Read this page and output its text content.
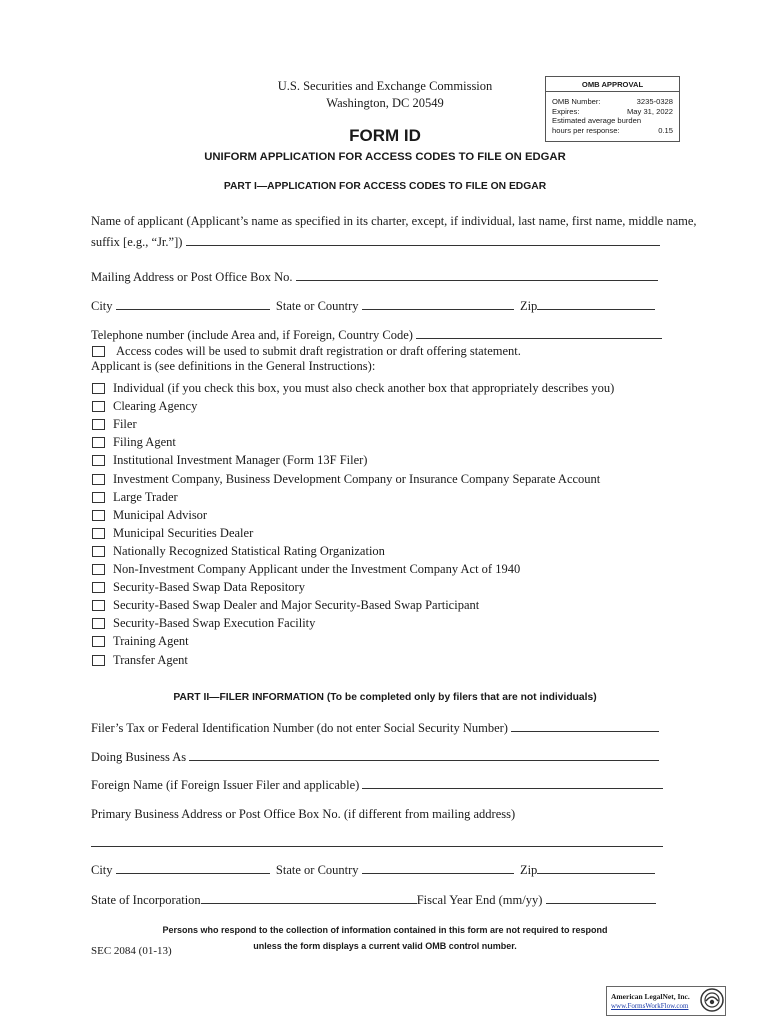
U.S. Securities and Exchange Commission
Washington, DC 20549
OMB APPROVAL
OMB Number:	3235-0328
Expires:	May 31, 2022
Estimated average burden
hours per response:	0.15
FORM ID
UNIFORM APPLICATION FOR ACCESS CODES TO FILE ON EDGAR
PART I—APPLICATION FOR ACCESS CODES TO FILE ON EDGAR
Name of applicant (Applicant’s name as specified in its charter, except, if individual, last name, first name, middle name,
suffix [e.g., “Jr.”])
Mailing Address or Post Office Box No.
City	State or Country	Zip
Telephone number (include Area and, if Foreign, Country Code)
Access codes will be used to submit draft registration or draft offering statement.
Applicant is (see definitions in the General Instructions):
Individual (if you check this box, you must also check another box that appropriately describes you)
Clearing Agency
Filer
Filing Agent
Institutional Investment Manager (Form 13F Filer)
Investment Company, Business Development Company or Insurance Company Separate Account
Large Trader
Municipal Advisor
Municipal Securities Dealer
Nationally Recognized Statistical Rating Organization
Non-Investment Company Applicant under the Investment Company Act of 1940
Security-Based Swap Data Repository
Security-Based Swap Dealer and Major Security-Based Swap Participant
Security-Based Swap Execution Facility
Training Agent
Transfer Agent
PART II—FILER INFORMATION (To be completed only by filers that are not individuals)
Filer’s Tax or Federal Identification Number (do not enter Social Security Number)
Doing Business As
Foreign Name (if Foreign Issuer Filer and applicable)
Primary Business Address or Post Office Box No. (if different from mailing address)
City	State or Country	Zip
State of Incorporation	Fiscal Year End (mm/yy)
Persons who respond to the collection of information contained in this form are not required to respond
unless the form displays a current valid OMB control number.
SEC 2084 (01-13)
American LegalNet, Inc.
www.FormsWorkFlow.com
